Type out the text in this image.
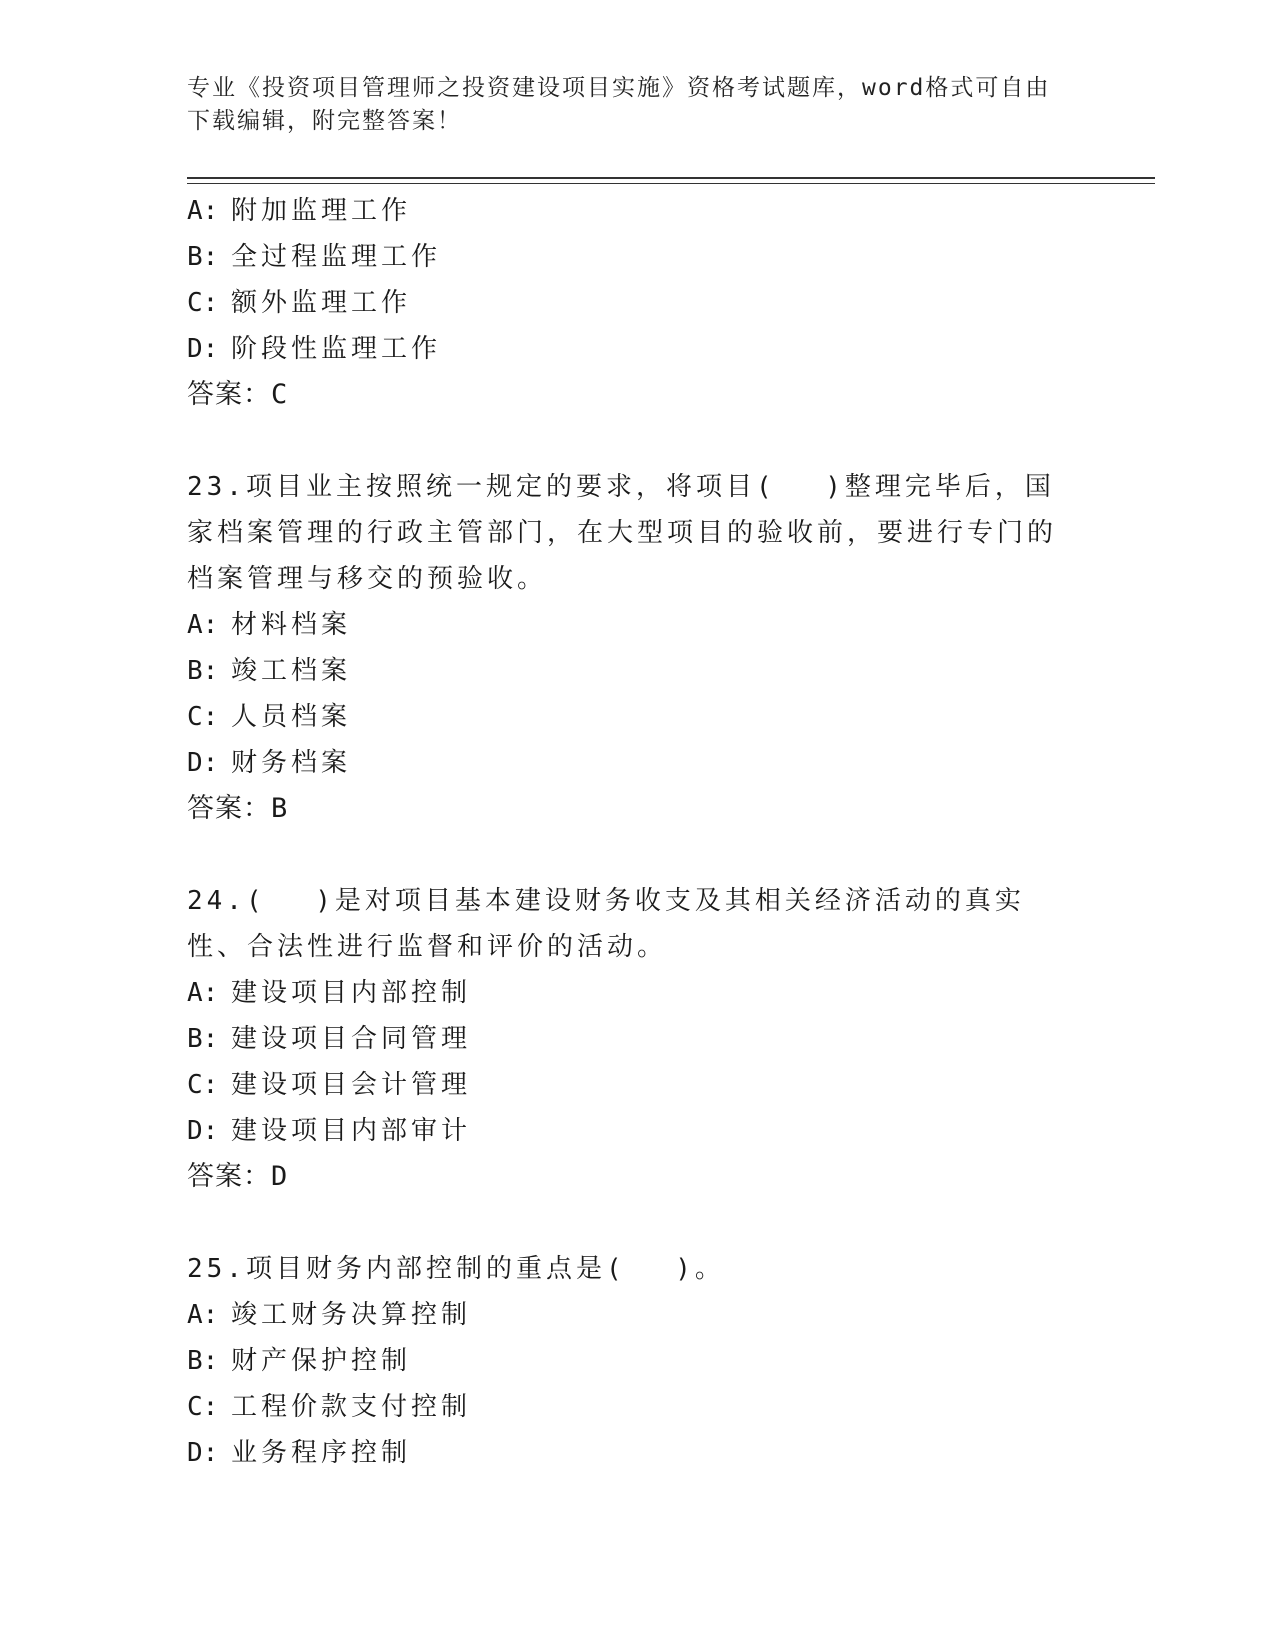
专业《投资项目管理师之投资建设项目实施》资格考试题库，word格式可自由下载编辑，附完整答案！
A: 附加监理工作
B: 全过程监理工作
C: 额外监理工作
D: 阶段性监理工作
答案：C
23.项目业主按照统一规定的要求，将项目(　 )整理完毕后，国家档案管理的行政主管部门，在大型项目的验收前，要进行专门的档案管理与移交的预验收。
A: 材料档案
B: 竣工档案
C: 人员档案
D: 财务档案
答案：B
24.(　 )是对项目基本建设财务收支及其相关经济活动的真实性、合法性进行监督和评价的活动。
A: 建设项目内部控制
B: 建设项目合同管理
C: 建设项目会计管理
D: 建设项目内部审计
答案：D
25.项目财务内部控制的重点是(　 )。
A: 竣工财务决算控制
B: 财产保护控制
C: 工程价款支付控制
D: 业务程序控制
